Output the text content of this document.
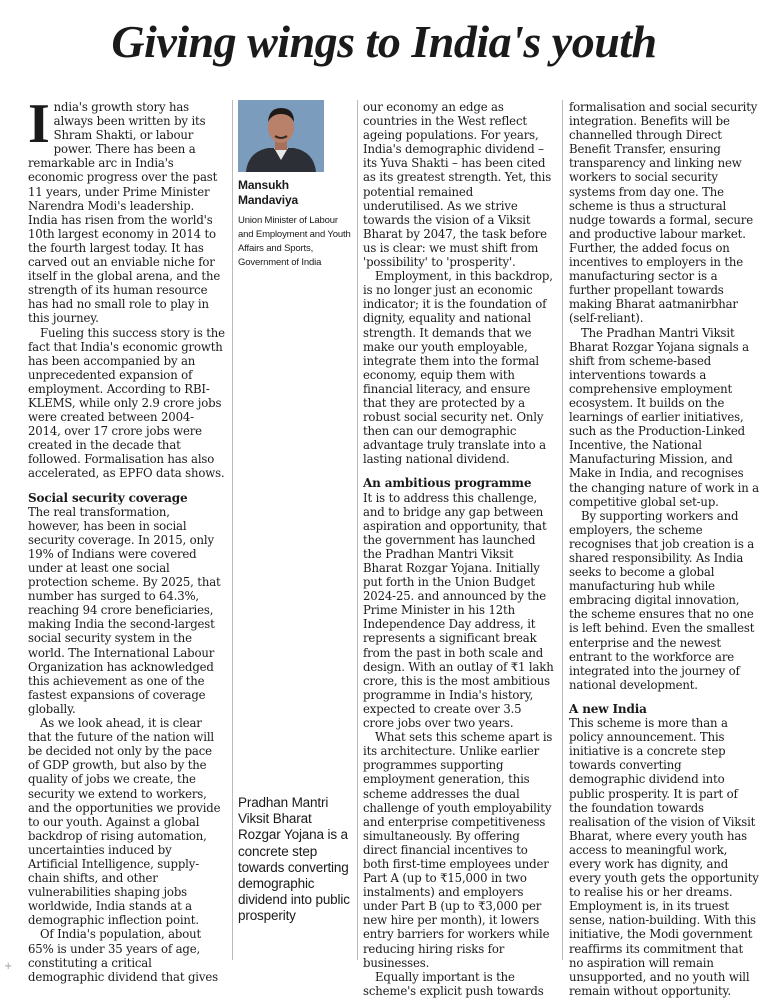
Giving wings to India's youth
I ndia's growth story has always been written by its Shram Shakti, or labour power. There has been a remarkable arc in India's economic progress over the past 11 years, under Prime Minister Narendra Modi's leadership. India has risen from the world's 10th largest economy in 2014 to the fourth largest today. It has carved out an enviable niche for itself in the global arena, and the strength of its human resource has had no small role to play in this journey.

Fueling this success story is the fact that India's economic growth has been accompanied by an unprecedented expansion of employment. According to RBI-KLEMS, while only 2.9 crore jobs were created between 2004-2014, over 17 crore jobs were created in the decade that followed. Formalisation has also accelerated, as EPFO data shows.

Social security coverage

The real transformation, however, has been in social security coverage. In 2015, only 19% of Indians were covered under at least one social protection scheme. By 2025, that number has surged to 64.3%, reaching 94 crore beneficiaries, making India the second-largest social security system in the world. The International Labour Organization has acknowledged this achievement as one of the fastest expansions of coverage globally.

As we look ahead, it is clear that the future of the nation will be decided not only by the pace of GDP growth, but also by the quality of jobs we create, the security we extend to workers, and the opportunities we provide to our youth. Against a global backdrop of rising automation, uncertainties induced by Artificial Intelligence, supply-chain shifts, and other vulnerabilities shaping jobs worldwide, India stands at a demographic inflection point.

Of India's population, about 65% is under 35 years of age, constituting a critical demographic dividend that gives

Mansukh Mandaviya
Union Minister of Labour and Employment and Youth Affairs and Sports, Government of India
Pradhan Mantri Viksit Bharat Rozgar Yojana is a concrete step towards converting demographic dividend into public prosperity

our economy an edge as countries in the West reflect ageing populations. For years, India's demographic dividend – its Yuva Shakti – has been cited as its greatest strength. Yet, this potential remained underutilised. As we strive towards the vision of a Viksit Bharat by 2047, the task before us is clear: we must shift from 'possibility' to 'prosperity'.

Employment, in this backdrop, is no longer just an economic indicator; it is the foundation of dignity, equality and national strength. It demands that we make our youth employable, integrate them into the formal economy, equip them with financial literacy, and ensure that they are protected by a robust social security net. Only then can our demographic advantage truly translate into a lasting national dividend.

An ambitious programme

It is to address this challenge, and to bridge any gap between aspiration and opportunity, that the government has launched the Pradhan Mantri Viksit Bharat Rozgar Yojana. Initially put forth in the Union Budget 2024-25. and announced by the Prime Minister in his 12th Independence Day address, it represents a significant break from the past in both scale and design. With an outlay of ₹1 lakh crore, this is the most ambitious programme in India's history, expected to create over 3.5 crore jobs over two years.

What sets this scheme apart is its architecture. Unlike earlier programmes supporting employment generation, this scheme addresses the dual challenge of youth employability and enterprise competitiveness simultaneously. By offering direct financial incentives to both first-time employees under Part A (up to ₹15,000 in two instalments) and employers under Part B (up to ₹3,000 per new hire per month), it lowers entry barriers for workers while reducing hiring risks for businesses.

Equally important is the scheme's explicit push towards

formalisation and social security integration. Benefits will be channelled through Direct Benefit Transfer, ensuring transparency and linking new workers to social security systems from day one. The scheme is thus a structural nudge towards a formal, secure and productive labour market. Further, the added focus on incentives to employers in the manufacturing sector is a further propellant towards making Bharat aatmanirbhar (self-reliant).

The Pradhan Mantri Viksit Bharat Rozgar Yojana signals a shift from scheme-based interventions towards a comprehensive employment ecosystem. It builds on the learnings of earlier initiatives, such as the Production-Linked Incentive, the National Manufacturing Mission, and Make in India, and recognises the changing nature of work in a competitive global set-up.

By supporting workers and employers, the scheme recognises that job creation is a shared responsibility. As India seeks to become a global manufacturing hub while embracing digital innovation, the scheme ensures that no one is left behind. Even the smallest enterprise and the newest entrant to the workforce are integrated into the journey of national development.

A new India

This scheme is more than a policy announcement. This initiative is a concrete step towards converting demographic dividend into public prosperity. It is part of the foundation towards realisation of the vision of Viksit Bharat, where every youth has access to meaningful work, every work has dignity, and every youth gets the opportunity to realise his or her dreams. Employment is, in its truest sense, nation-building. With this initiative, the Modi government reaffirms its commitment that no aspiration will remain unsupported, and no youth will remain without opportunity.

+
